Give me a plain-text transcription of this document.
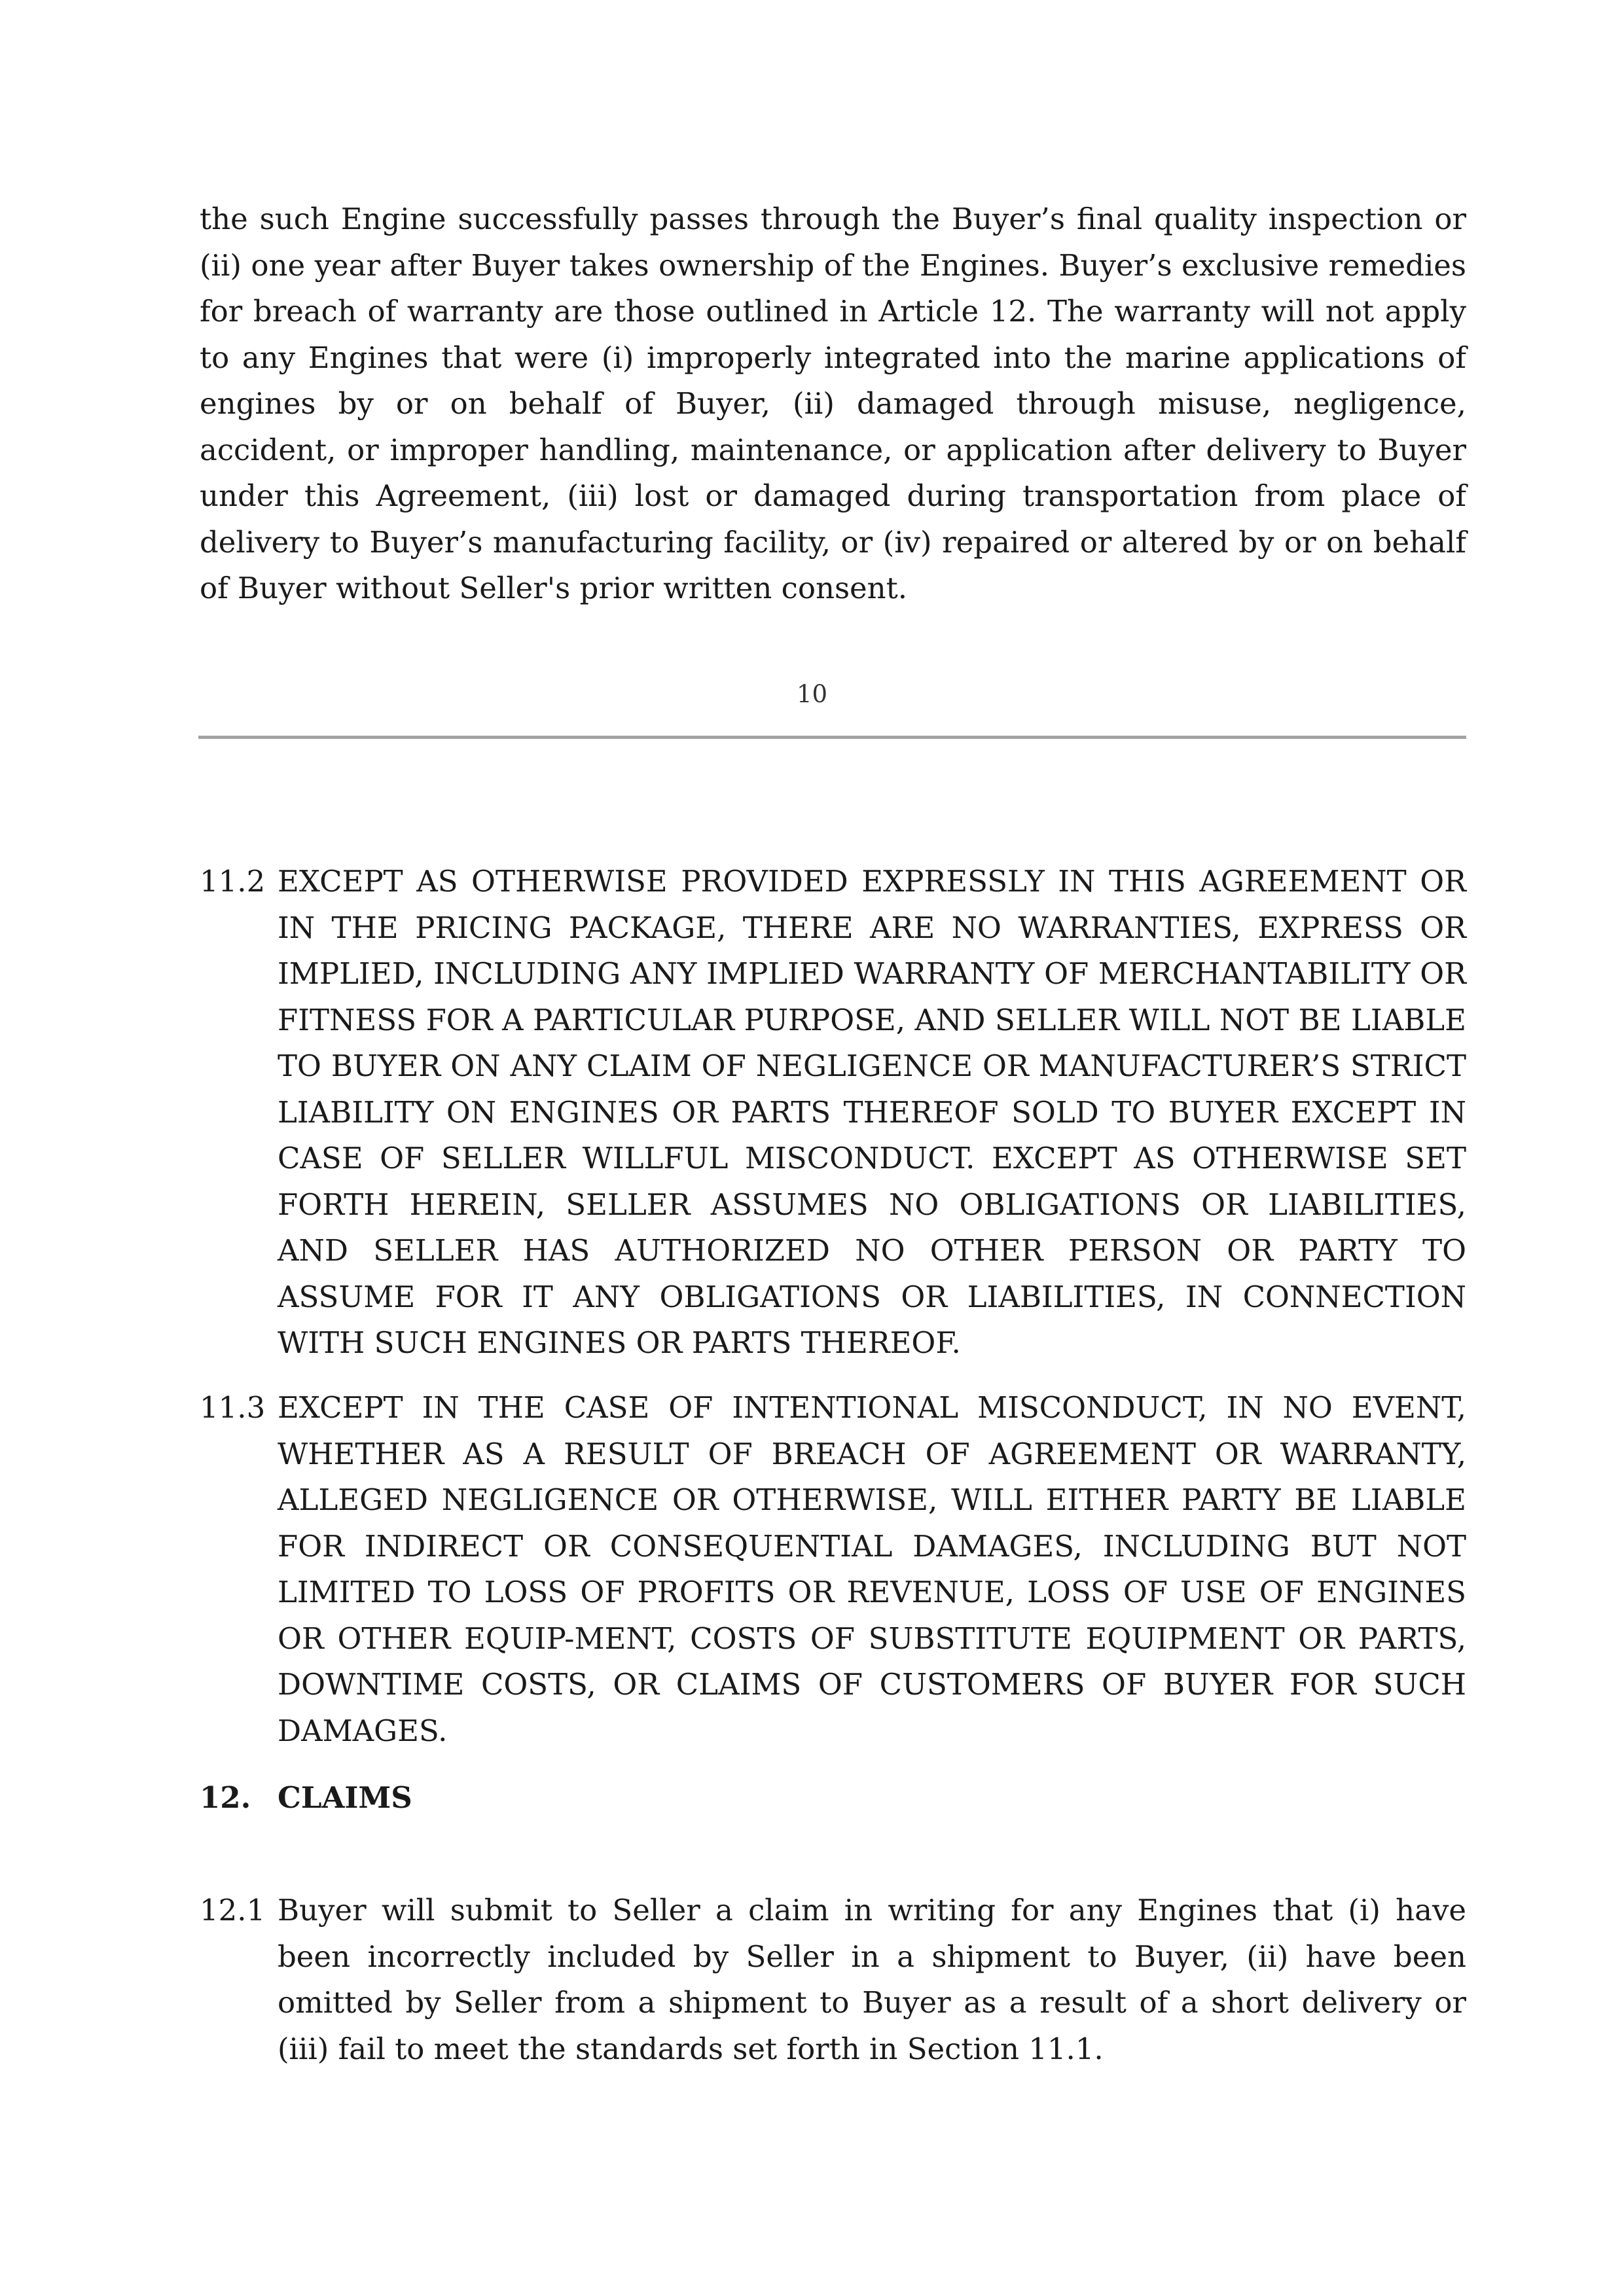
the such Engine successfully passes through the Buyer’s final quality inspection or (ii) one year after Buyer takes ownership of the Engines. Buyer’s exclusive remedies for breach of warranty are those outlined in Article 12. The warranty will not apply to any Engines that were (i) improperly integrated into the marine applications of engines by or on behalf of Buyer, (ii) damaged through misuse, negligence, accident, or improper handling, maintenance, or application after delivery to Buyer under this Agreement, (iii) lost or damaged during transportation from place of delivery to Buyer’s manufacturing facility, or (iv) repaired or altered by or on behalf of Buyer without Seller's prior written consent.

10
11.2 EXCEPT AS OTHERWISE PROVIDED EXPRESSLY IN THIS AGREEMENT OR IN THE PRICING PACKAGE, THERE ARE NO WARRANTIES, EXPRESS OR IMPLIED, INCLUDING ANY IMPLIED WARRANTY OF MERCHANTABILITY OR FITNESS FOR A PARTICULAR PURPOSE, AND SELLER WILL NOT BE LIABLE TO BUYER ON ANY CLAIM OF NEGLIGENCE OR MANUFACTURER’S STRICT LIABILITY ON ENGINES OR PARTS THEREOF SOLD TO BUYER EXCEPT IN CASE OF SELLER WILLFUL MISCONDUCT. EXCEPT AS OTHERWISE SET FORTH HEREIN, SELLER ASSUMES NO OBLIGATIONS OR LIABILITIES, AND SELLER HAS AUTHORIZED NO OTHER PERSON OR PARTY TO ASSUME FOR IT ANY OBLIGATIONS OR LIABILITIES, IN CONNECTION WITH SUCH ENGINES OR PARTS THEREOF.
11.3 EXCEPT IN THE CASE OF INTENTIONAL MISCONDUCT, IN NO EVENT, WHETHER AS A RESULT OF BREACH OF AGREEMENT OR WARRANTY, ALLEGED NEGLIGENCE OR OTHERWISE, WILL EITHER PARTY BE LIABLE FOR INDIRECT OR CONSEQUENTIAL DAMAGES, INCLUDING BUT NOT LIMITED TO LOSS OF PROFITS OR REVENUE, LOSS OF USE OF ENGINES OR OTHER EQUIP-MENT, COSTS OF SUBSTITUTE EQUIPMENT OR PARTS, DOWNTIME COSTS, OR CLAIMS OF CUSTOMERS OF BUYER FOR SUCH DAMAGES.
12. CLAIMS
12.1 Buyer will submit to Seller a claim in writing for any Engines that (i) have been incorrectly included by Seller in a shipment to Buyer, (ii) have been omitted by Seller from a shipment to Buyer as a result of a short delivery or (iii) fail to meet the standards set forth in Section 11.1.
